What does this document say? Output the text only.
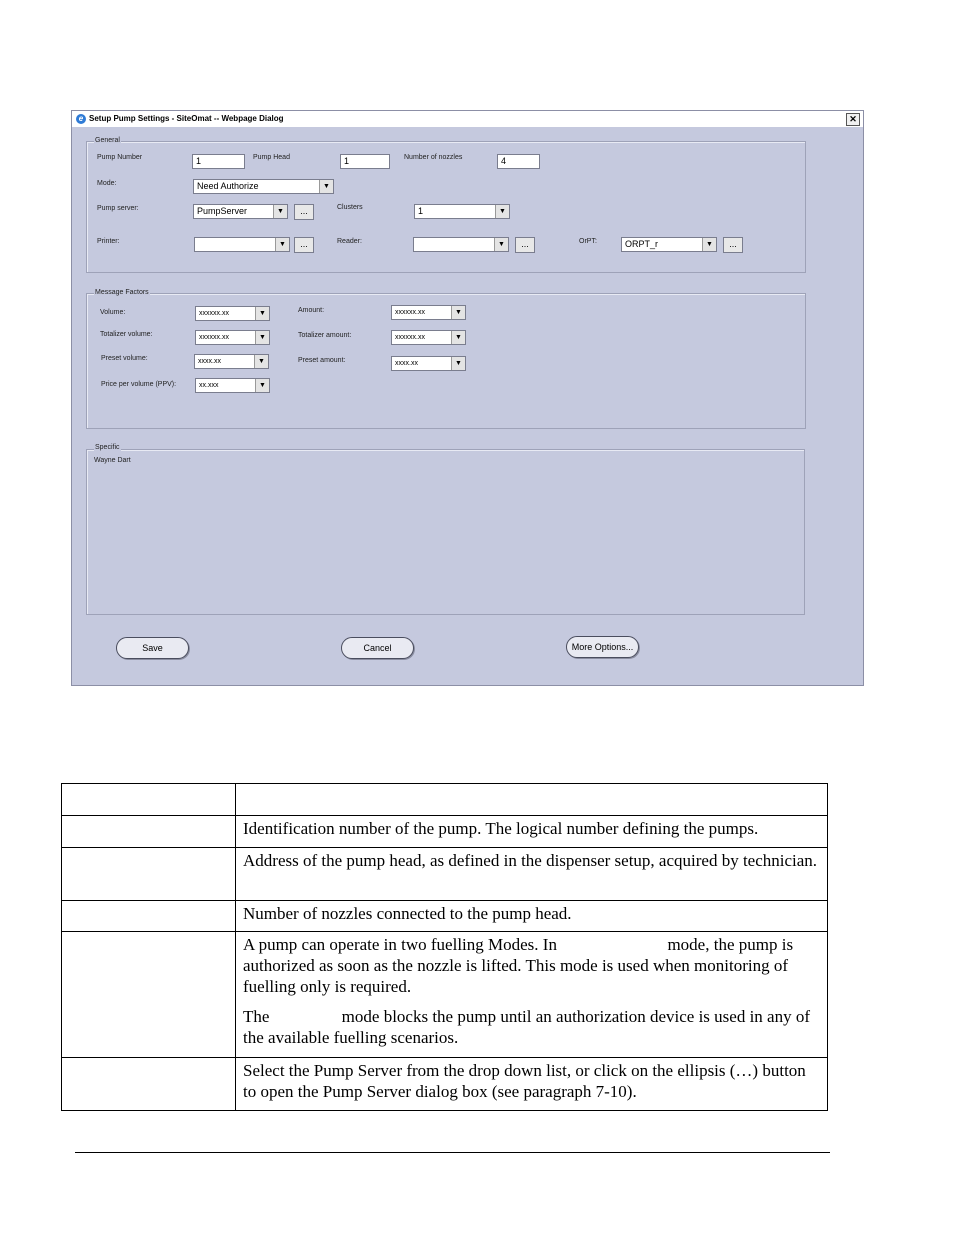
e Setup Pump Settings - SiteOmat -- Webpage Dialog	✕
General
Pump Number	1	Pump Head	1	Number of nozzles	4
Mode:	Need Authorize	▼
Pump server:	PumpServer	▼	...	Clusters	1	▼
Printer:	▼	...	Reader:	▼	...	OrPT:	ORPT_r	▼	...
Message Factors
Volume:	xxxxxx.xx	▼	Amount:	xxxxxx.xx	▼
Totalizer volume:	xxxxxx.xx	▼	Totalizer amount:	xxxxxx.xx	▼
Preset volume:	xxxx.xx	▼	Preset amount:	xxxx.xx	▼
Price per volume (PPV):	xx.xxx	▼
Specific
Wayne Dart
Save	Cancel	More Options...

	Identification number of the pump. The logical number defining the pumps.

	Address of the pump head, as defined in the dispenser setup, acquired by technician.

	Number of nozzles connected to the pump head.

	A pump can operate in two fuelling Modes. In                          mode, the pump is authorized as soon as the nozzle is lifted. This mode is used when monitoring of fuelling only is required.

The                 mode blocks the pump until an authorization device is used in any of the available fuelling scenarios.

	Select the Pump Server from the drop down list, or click on the ellipsis (…) button to open the Pump Server dialog box (see paragraph 7-10).
